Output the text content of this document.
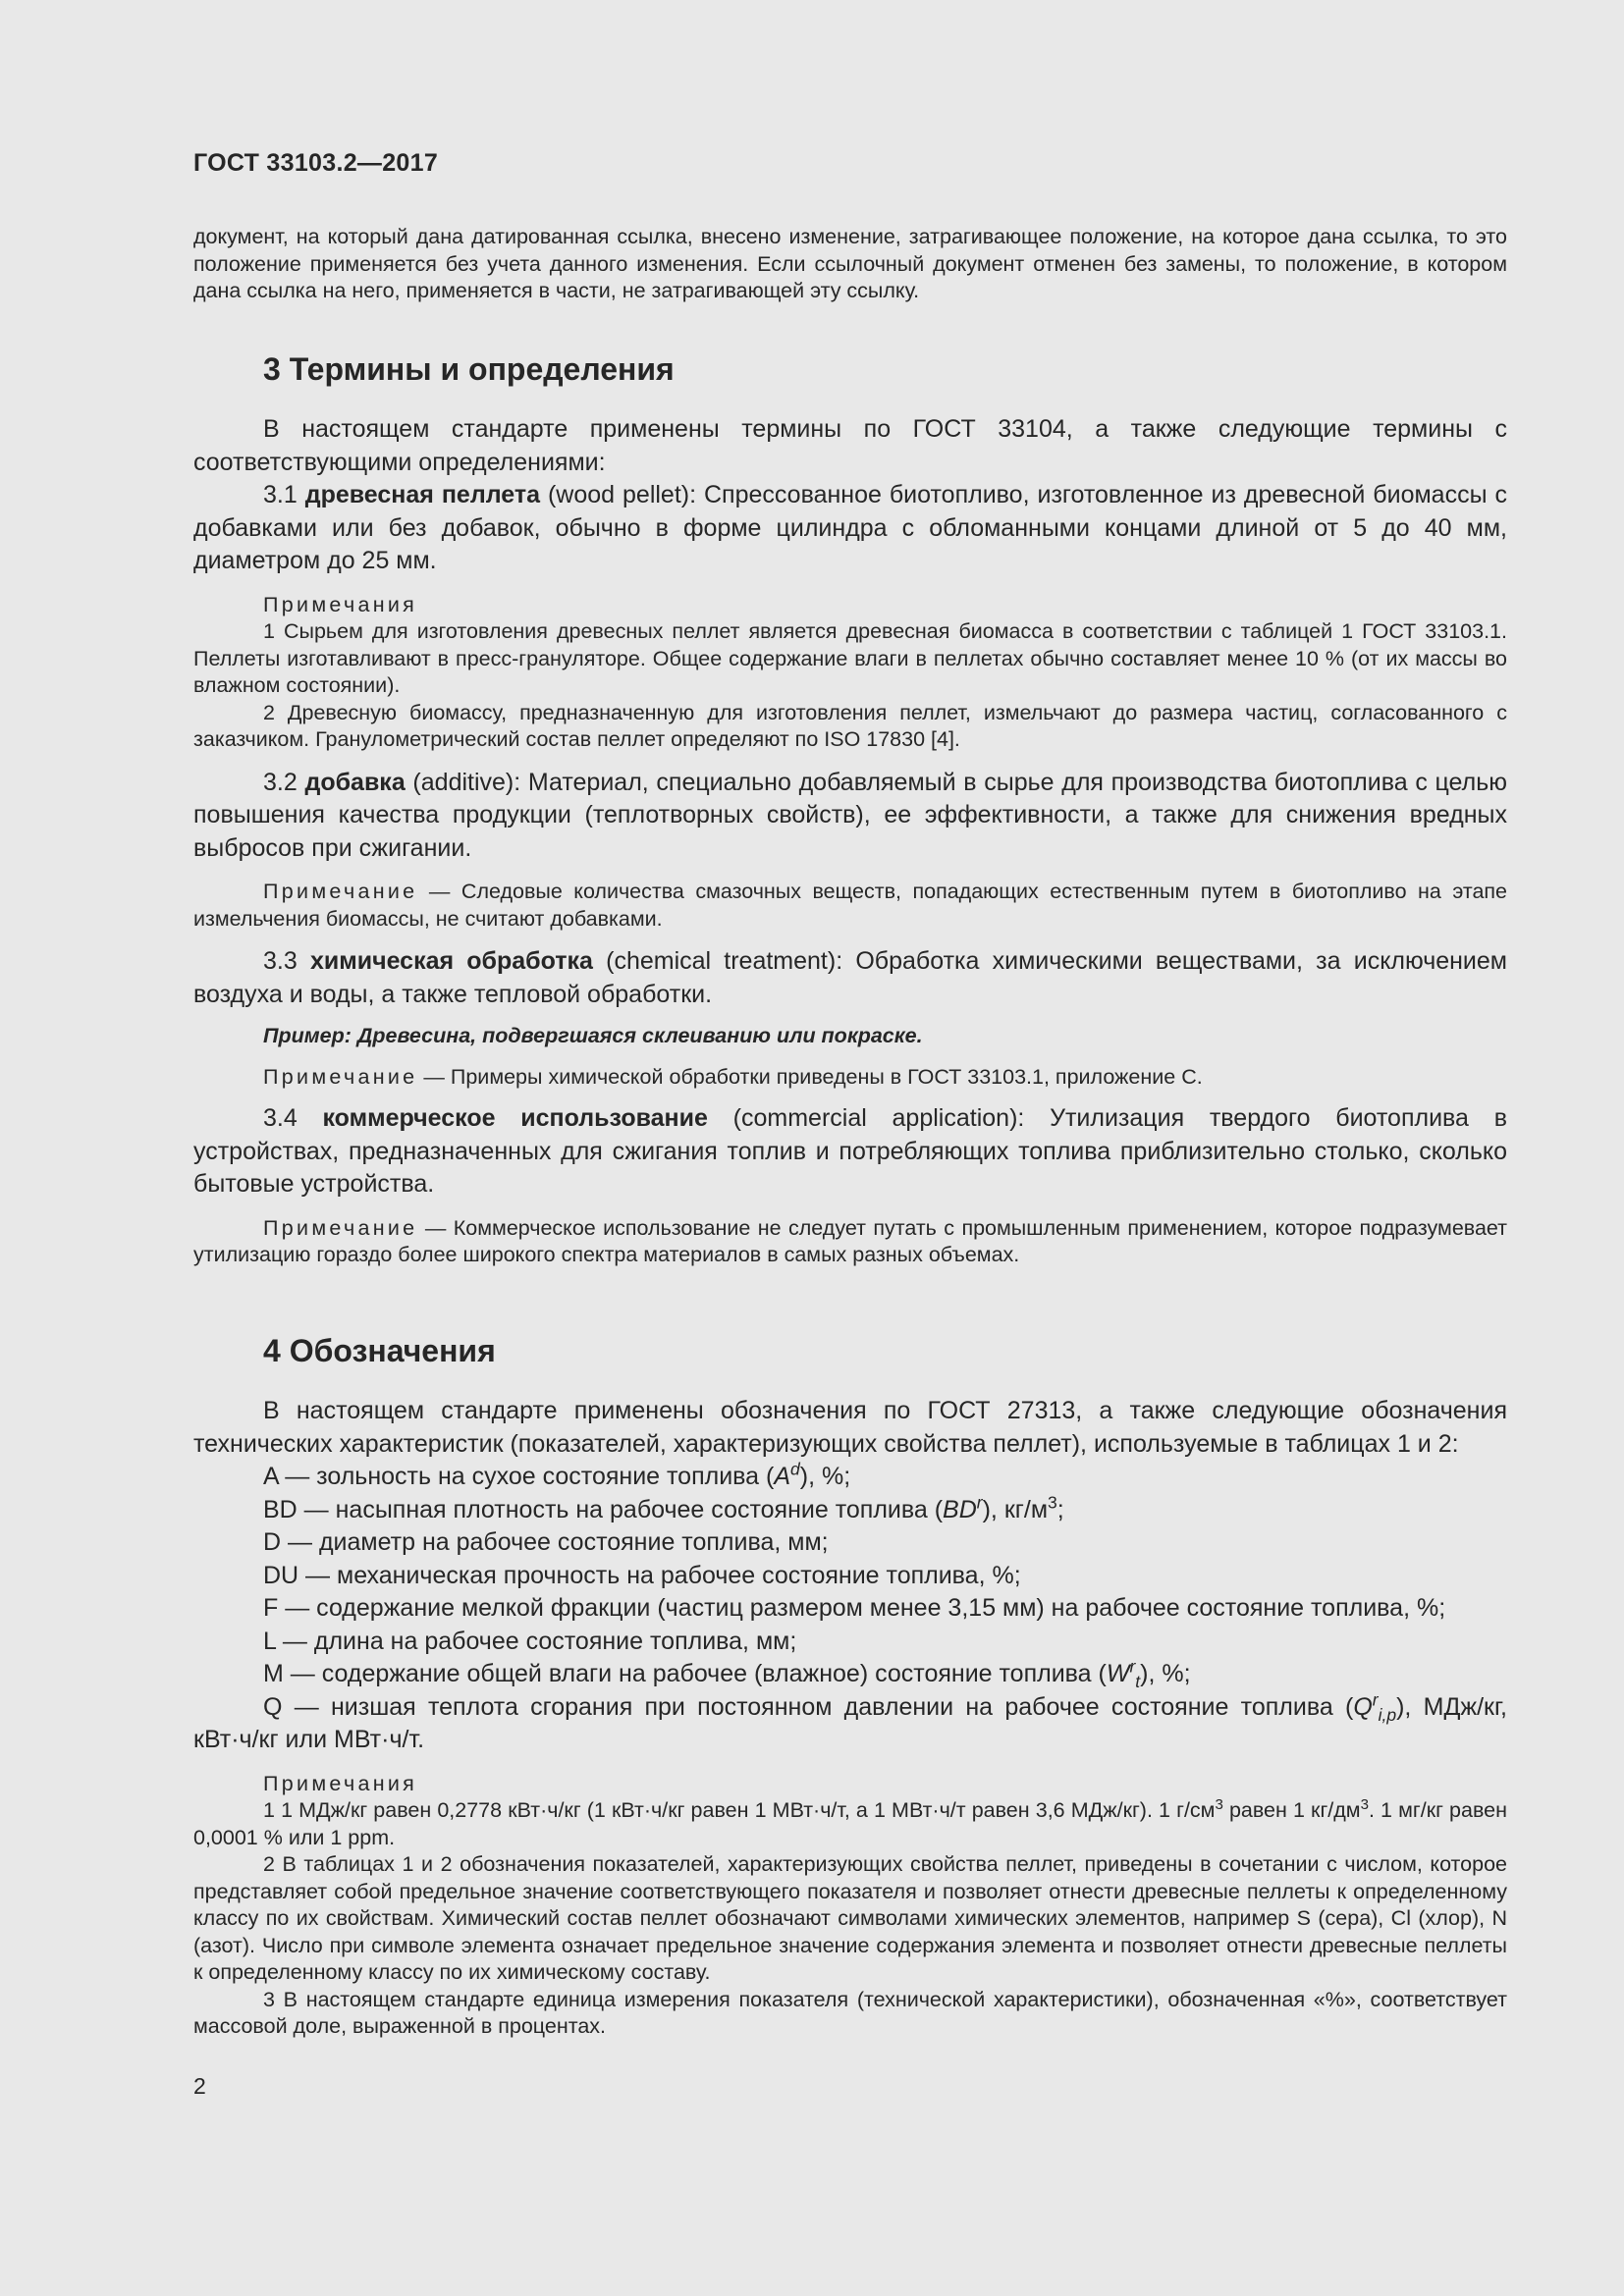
ГОСТ 33103.2—2017

документ, на который дана датированная ссылка, внесено изменение, затрагивающее положение, на которое дана ссылка, то это положение применяется без учета данного изменения. Если ссылочный документ отменен без замены, то положение, в котором дана ссылка на него, применяется в части, не затрагивающей эту ссылку.

3 Термины и определения

В настоящем стандарте применены термины по ГОСТ 33104, а также следующие термины с соответствующими определениями:

3.1 древесная пеллета (wood pellet): Спрессованное биотопливо, изготовленное из древесной биомассы с добавками или без добавок, обычно в форме цилиндра с обломанными концами длиной от 5 до 40 мм, диаметром до 25 мм.

Примечания

1 Сырьем для изготовления древесных пеллет является древесная биомасса в соответствии с таблицей 1 ГОСТ 33103.1. Пеллеты изготавливают в пресс-грануляторе. Общее содержание влаги в пеллетах обычно составляет менее 10 % (от их массы во влажном состоянии).

2 Древесную биомассу, предназначенную для изготовления пеллет, измельчают до размера частиц, согласованного с заказчиком. Гранулометрический состав пеллет определяют по ISO 17830 [4].

3.2 добавка (additive): Материал, специально добавляемый в сырье для производства биотоплива с целью повышения качества продукции (теплотворных свойств), ее эффективности, а также для снижения вредных выбросов при сжигании.

Примечание — Следовые количества смазочных веществ, попадающих естественным путем в биотопливо на этапе измельчения биомассы, не считают добавками.

3.3 химическая обработка (chemical treatment): Обработка химическими веществами, за исключением воздуха и воды, а также тепловой обработки.

Пример: Древесина, подвергшаяся склеиванию или покраске.

Примечание — Примеры химической обработки приведены в ГОСТ 33103.1, приложение С.

3.4 коммерческое использование (commercial application): Утилизация твердого биотоплива в устройствах, предназначенных для сжигания топлив и потребляющих топлива приблизительно столько, сколько бытовые устройства.

Примечание — Коммерческое использование не следует путать с промышленным применением, которое подразумевает утилизацию гораздо более широкого спектра материалов в самых разных объемах.

4 Обозначения

В настоящем стандарте применены обозначения по ГОСТ 27313, а также следующие обозначения технических характеристик (показателей, характеризующих свойства пеллет), используемые в таблицах 1 и 2:

A — зольность на сухое состояние топлива $(A^d)$, %;

BD — насыпная плотность на рабочее состояние топлива $(BD^r)$, $кг/м^3$;

D — диаметр на рабочее состояние топлива, мм;

DU — механическая прочность на рабочее состояние топлива, %;

F — содержание мелкой фракции (частиц размером менее 3,15 мм) на рабочее состояние топлива, %;

L — длина на рабочее состояние топлива, мм;

M — содержание общей влаги на рабочее (влажное) состояние топлива $(W^r_t)$, %;

Q — низшая теплота сгорания при постоянном давлении на рабочее состояние топлива $(Q^r_{i,p})$, МДж/кг, кВт·ч/кг или МВт·ч/т.

Примечания

1 1 МДж/кг равен 0,2778 кВт·ч/кг (1 кВт·ч/кг равен 1 МВт·ч/т, а 1 МВт·ч/т равен 3,6 МДж/кг). 1 $г/см^3$ равен 1 $кг/дм^3$. 1 мг/кг равен 0,0001 % или 1 ppm.

2 В таблицах 1 и 2 обозначения показателей, характеризующих свойства пеллет, приведены в сочетании с числом, которое представляет собой предельное значение соответствующего показателя и позволяет отнести древесные пеллеты к определенному классу по их свойствам. Химический состав пеллет обозначают символами химических элементов, например S (сера), Cl (хлор), N (азот). Число при символе элемента означает предельное значение содержания элемента и позволяет отнести древесные пеллеты к определенному классу по их химическому составу.

3 В настоящем стандарте единица измерения показателя (технической характеристики), обозначенная «%», соответствует массовой доле, выраженной в процентах.

2
